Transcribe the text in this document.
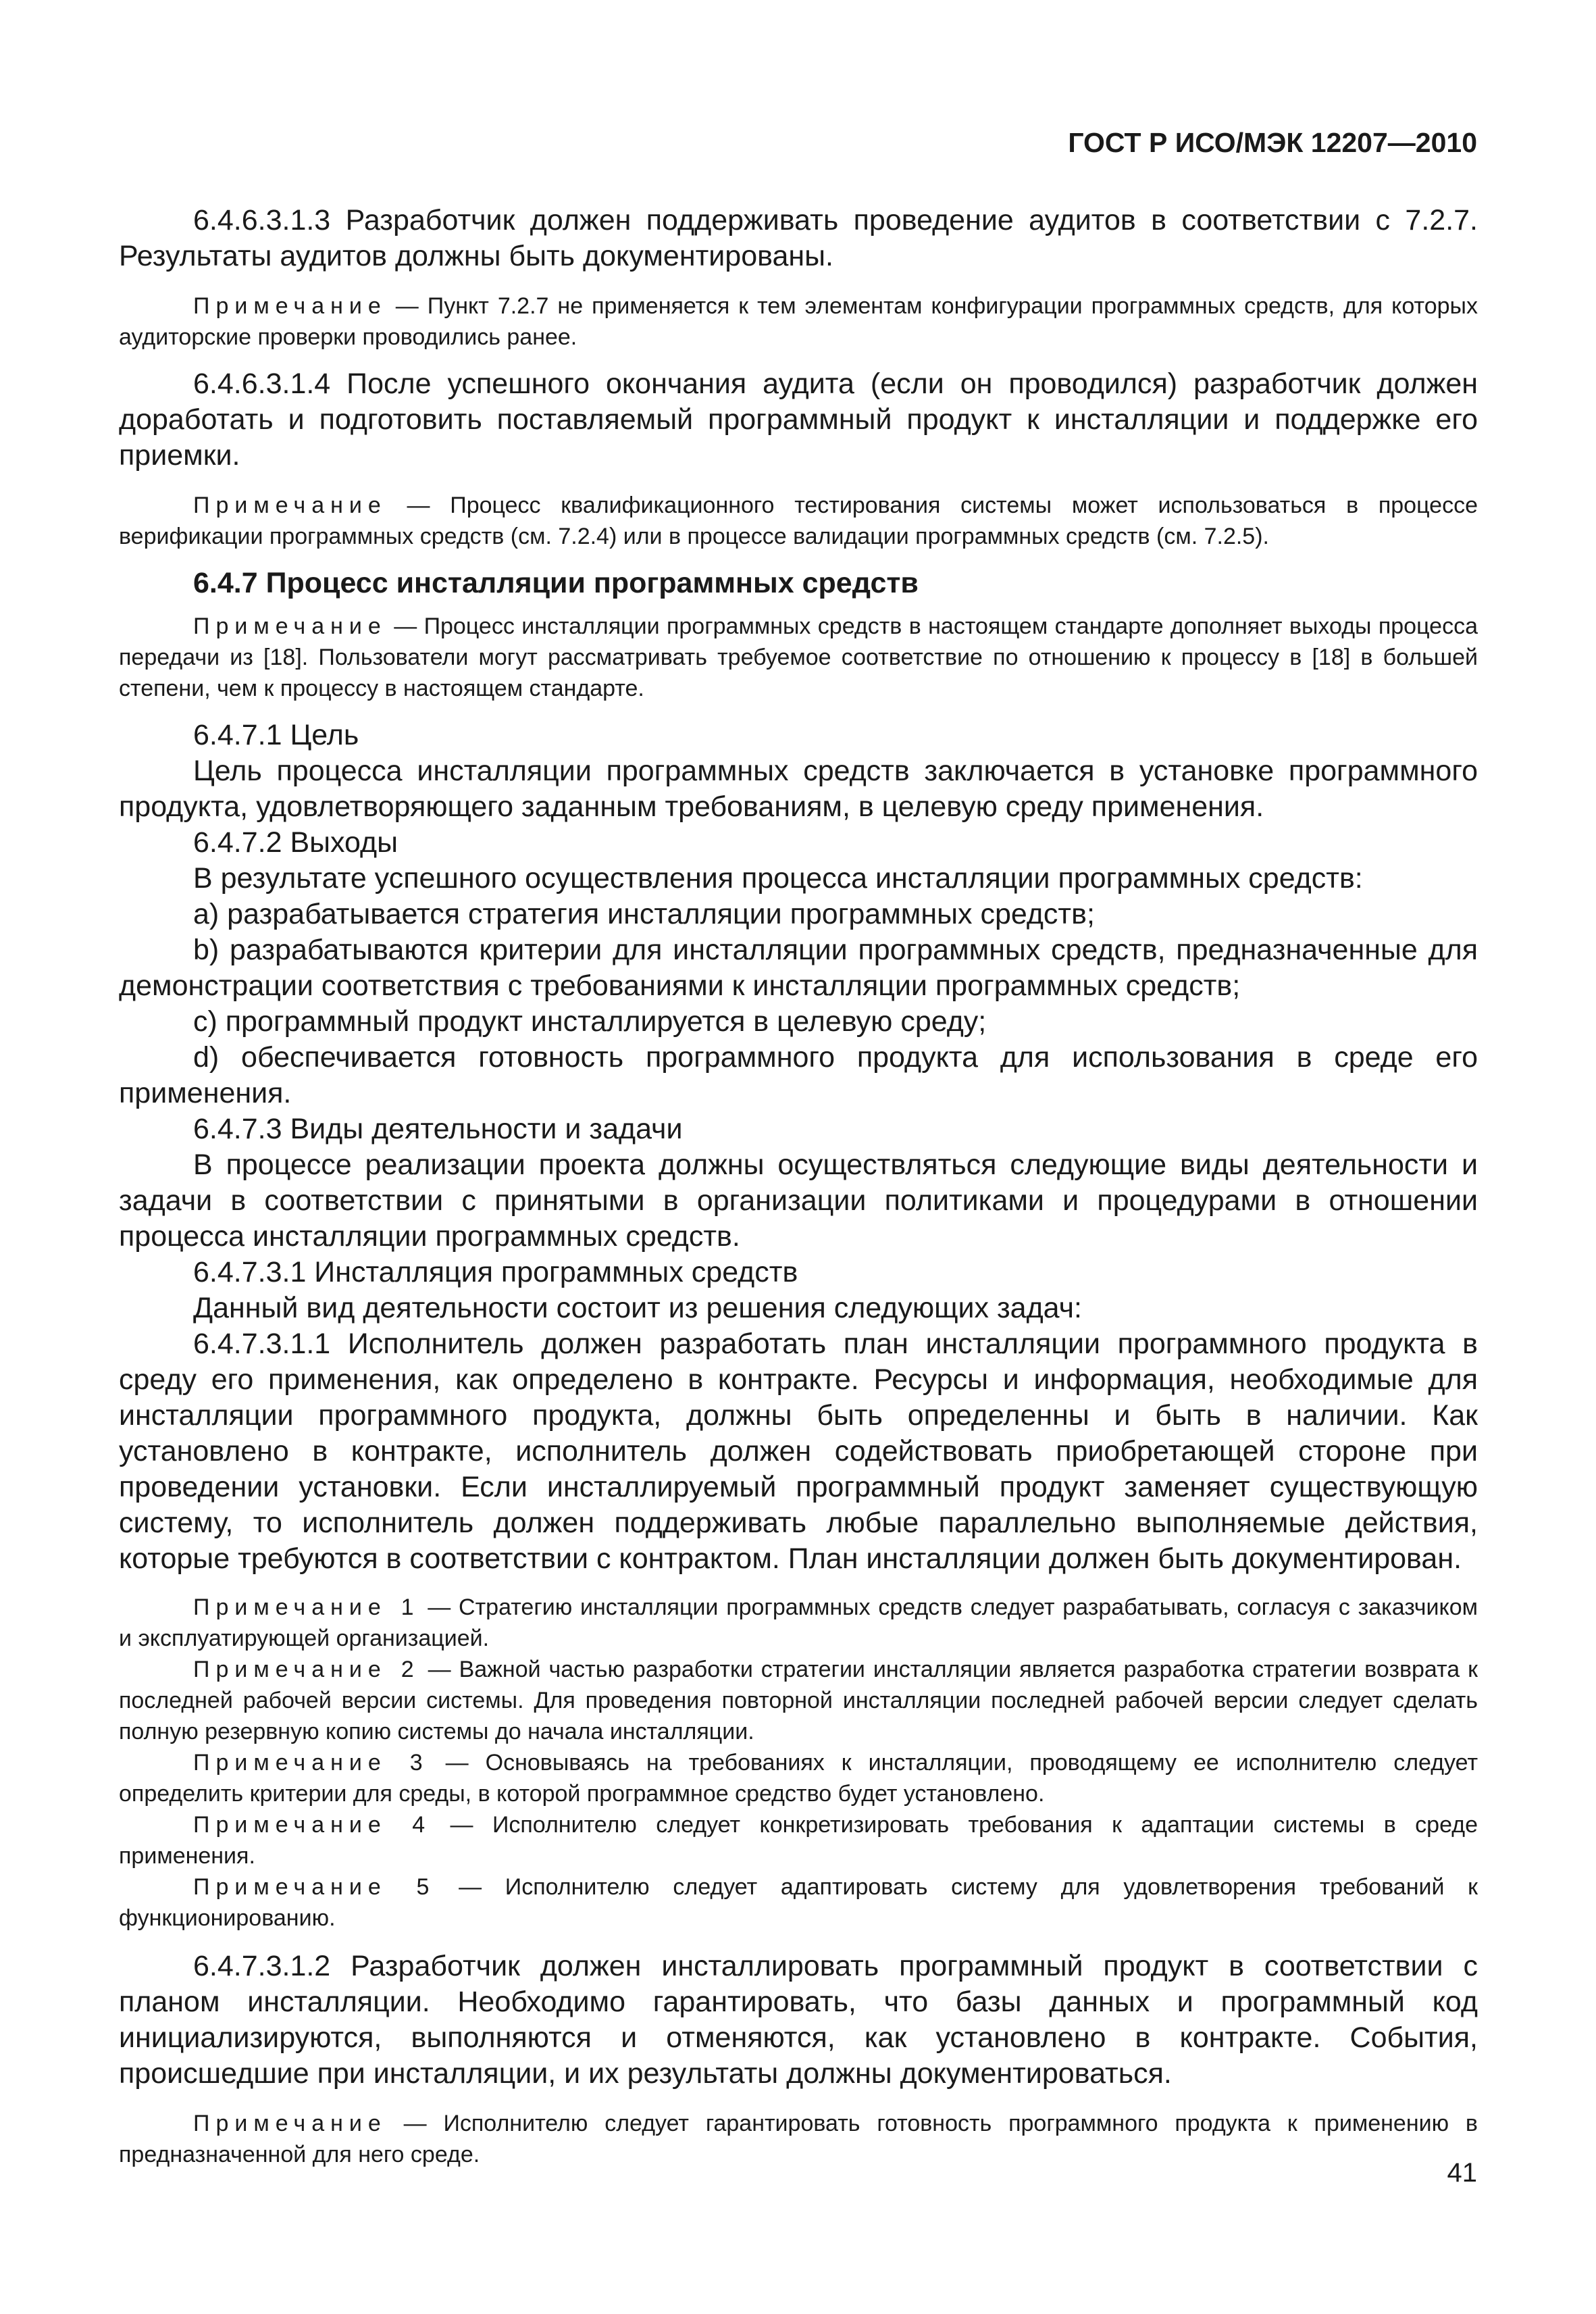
ГОСТ Р ИСО/МЭК 12207—2010

6.4.6.3.1.3 Разработчик должен поддерживать проведение аудитов в соответствии с 7.2.7. Результаты аудитов должны быть документированы.

Примечание — Пункт 7.2.7 не применяется к тем элементам конфигурации программных средств, для которых аудиторские проверки проводились ранее.

6.4.6.3.1.4 После успешного окончания аудита (если он проводился) разработчик должен доработать и подготовить поставляемый программный продукт к инсталляции и поддержке его приемки.

Примечание — Процесс квалификационного тестирования системы может использоваться в процессе верификации программных средств (см. 7.2.4) или в процессе валидации программных средств (см. 7.2.5).

6.4.7 Процесс инсталляции программных средств

Примечание — Процесс инсталляции программных средств в настоящем стандарте дополняет выходы процесса передачи из [18]. Пользователи могут рассматривать требуемое соответствие по отношению к процессу в [18] в большей степени, чем к процессу в настоящем стандарте.

6.4.7.1 Цель

Цель процесса инсталляции программных средств заключается в установке программного продукта, удовлетворяющего заданным требованиям, в целевую среду применения.

6.4.7.2 Выходы

В результате успешного осуществления процесса инсталляции программных средств:

a) разрабатывается стратегия инсталляции программных средств;

b) разрабатываются критерии для инсталляции программных средств, предназначенные для демонстрации соответствия с требованиями к инсталляции программных средств;

c) программный продукт инсталлируется в целевую среду;

d) обеспечивается готовность программного продукта для использования в среде его применения.

6.4.7.3 Виды деятельности и задачи

В процессе реализации проекта должны осуществляться следующие виды деятельности и задачи в соответствии с принятыми в организации политиками и процедурами в отношении процесса инсталляции программных средств.

6.4.7.3.1 Инсталляция программных средств

Данный вид деятельности состоит из решения следующих задач:

6.4.7.3.1.1 Исполнитель должен разработать план инсталляции программного продукта в среду его применения, как определено в контракте. Ресурсы и информация, необходимые для инсталляции программного продукта, должны быть определенны и быть в наличии. Как установлено в контракте, исполнитель должен содействовать приобретающей стороне при проведении установки. Если инсталлируемый программный продукт заменяет существующую систему, то исполнитель должен поддерживать любые параллельно выполняемые действия, которые требуются в соответствии с контрактом. План инсталляции должен быть документирован.

Примечание 1 — Стратегию инсталляции программных средств следует разрабатывать, согласуя с заказчиком и эксплуатирующей организацией.

Примечание 2 — Важной частью разработки стратегии инсталляции является разработка стратегии возврата к последней рабочей версии системы. Для проведения повторной инсталляции последней рабочей версии следует сделать полную резервную копию системы до начала инсталляции.

Примечание 3 — Основываясь на требованиях к инсталляции, проводящему ее исполнителю следует определить критерии для среды, в которой программное средство будет установлено.

Примечание 4 — Исполнителю следует конкретизировать требования к адаптации системы в среде применения.

Примечание 5 — Исполнителю следует адаптировать систему для удовлетворения требований к функционированию.

6.4.7.3.1.2 Разработчик должен инсталлировать программный продукт в соответствии с планом инсталляции. Необходимо гарантировать, что базы данных и программный код инициализируются, выполняются и отменяются, как установлено в контракте. События, происшедшие при инсталляции, и их результаты должны документироваться.

Примечание — Исполнителю следует гарантировать готовность программного продукта к применению в предназначенной для него среде.

41
